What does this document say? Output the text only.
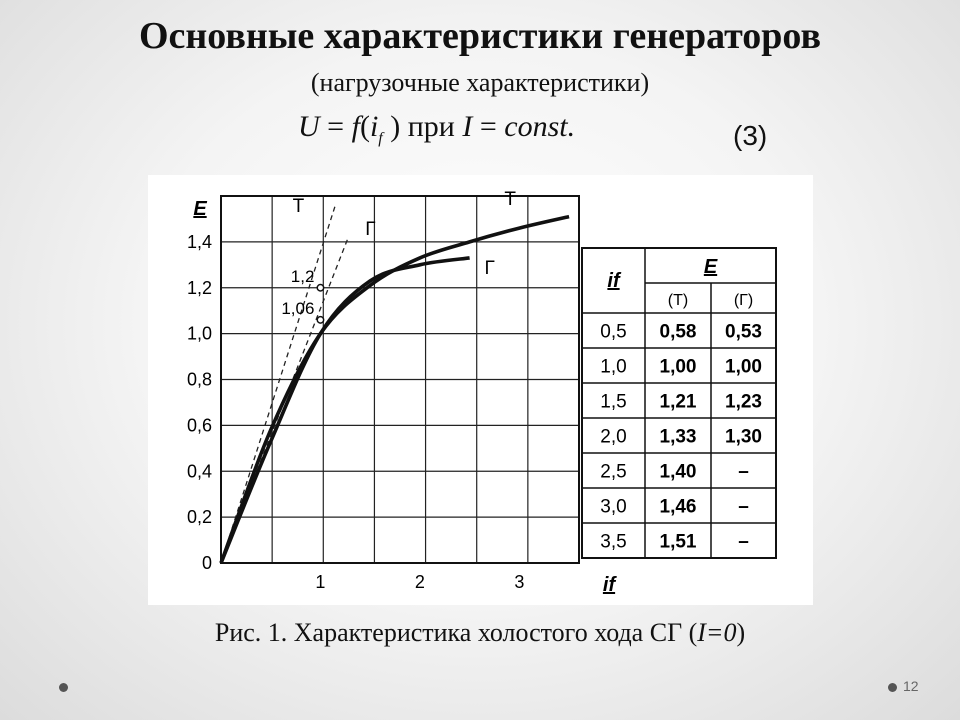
Основные характеристики генераторов
(нагрузочные характеристики)
$U = f(i_f$ ) при I = const.	(3)
0
0,2
0,4
0,6
0,8
1,0
1,2
1,4
1	2	3
E
if
Т
Г
Т
Г
1,2
1,06
if
E
(Т)	(Г)
0,5 0,58 0,53
1,0 1,00 1,00
1,5 1,21 1,23
2,0 1,33 1,30
2,5 1,40 –
3,0 1,46 –
3,5 1,51 –
Рис. 1. Характеристика холостого хода СГ (I=0)
12
